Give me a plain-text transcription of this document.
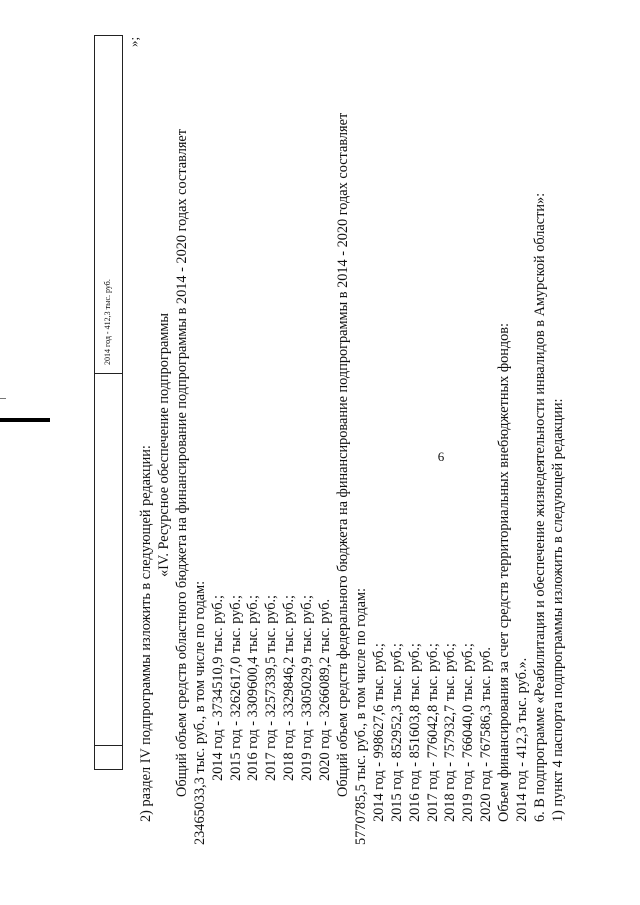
6
2014 год - 412,3 тыс. руб.
»;

2) раздел IV подпрограммы изложить в следующей редакции:

«IV. Ресурсное обеспечение подпрограммы Общий объем средств областного бюджета на финансирование подпрограммы в 2014 - 2020 годах составляет 23465033,3 тыс. руб., в том числе по годам: 2014 год - 3734510,9 тыс. руб.; 2015 год - 3262617,0 тыс. руб.; 2016 год - 3309600,4 тыс. руб.; 2017 год - 3257339,5 тыс. руб.; 2018 год - 3329846,2 тыс. руб.; 2019 год - 3305029,9 тыс. руб.; 2020 год - 3266089,2 тыс. руб. Общий объем средств федерального бюджета на финансирование подпрограммы в 2014 - 2020 годах составляет 5770785,5 тыс. руб., в том числе по годам: 2014 год - 998627,6 тыс. руб.; 2015 год - 852952,3 тыс. руб.; 2016 год - 851603,8 тыс. руб.; 2017 год - 776042,8 тыс. руб.; 2018 год - 757932,7 тыс. руб.; 2019 год - 766040,0 тыс. руб.; 2020 год - 767586,3 тыс. руб. Объем финансирования за счет средств территориальных внебюджетных фондов: 2014 год - 412,3 тыс. руб.». 6. В подпрограмме «Реабилитация и обеспечение жизнедеятельности инвалидов в Амурской области»: 1) пункт 4 паспорта подпрограммы изложить в следующей редакции:
